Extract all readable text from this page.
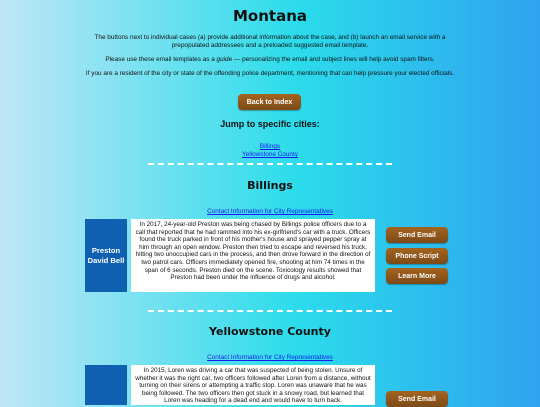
Montana

The buttons next to individual cases (a) provide additional information about the case, and (b) launch an email service with a prepopulated addressees and a preloaded suggested email template.

Please use these email templates as a guide — personalizing the email and subject lines will help avoid spam filters.

If you are a resident of the city or state of the offending police department, mentioning that can help pressure your elected officials.

Back to Index
Jump to specific cities:
Billings
Yellowstone County
Billings
Contact Information for City Representatives
Preston David Bell
In 2017, 24-year-old Preston was being chased by Billings police officers due to a call that reported that he had rammed into his ex-girlfriend's car with a truck. Officers found the truck parked in front of his mother's house and sprayed pepper spray at him through an open window. Preston then tried to escape and reversed his truck, hitting two unoccupied cars in the process, and then drove forward in the direction of two patrol cars. Officers immediately opened fire, shooting at him 74 times in the span of 6 seconds. Preston died on the scene. Toxicology results showed that Preston had been under the influence of drugs and alcohol.
Send Email
Phone Script
Learn More
Yellowstone County
Contact Information for City Representatives
In 2015, Loren was driving a car that was suspected of being stolen. Unsure of whether it was the right car, two officers followed after Loren from a distance, without turning on their sirens or attempting a traffic stop. Loren was unaware that he was being followed. The two officers then got stuck in a snowy road, but learned that Loren was heading for a dead end and would have to turn back.	Send Email
